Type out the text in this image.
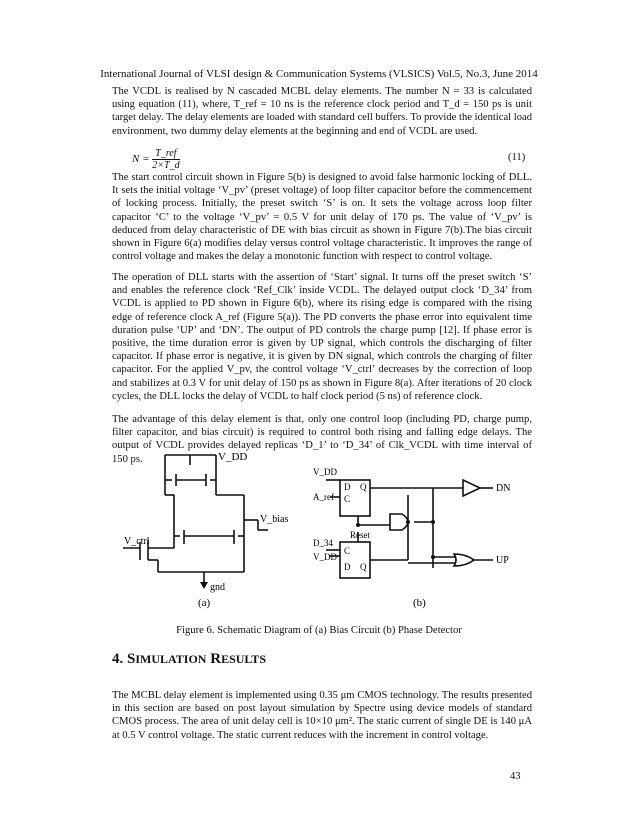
International Journal of VLSI design & Communication Systems (VLSICS) Vol.5, No.3, June 2014

The VCDL is realised by N cascaded MCBL delay elements. The number N = 33 is calculated using equation (11), where, T_ref = 10 ns is the reference clock period and T_d = 150 ps is unit target delay. The delay elements are loaded with standard cell buffers. To provide the identical load environment, two dummy delay elements at the beginning and end of VCDL are used.

$N = \frac{\text{T\_ref}}{2\times T\_d}$	(11)

The start control circuit shown in Figure 5(b) is designed to avoid false harmonic locking of DLL. It sets the initial voltage ‘V_pv’ (preset voltage) of loop filter capacitor before the commencement of locking process. Initially, the preset switch ‘S’ is on. It sets the voltage across loop filter capacitor ‘C’ to the voltage ‘V_pv’ = 0.5 V for unit delay of 170 ps. The value of ‘V_pv’ is deduced from delay characteristic of DE with bias circuit as shown in Figure 7(b).The bias circuit shown in Figure 6(a) modifies delay versus control voltage characteristic. It improves the range of control voltage and makes the delay a monotonic function with respect to control voltage.

The operation of DLL starts with the assertion of ‘Start’ signal. It turns off the preset switch ‘S’ and enables the reference clock ‘Ref_Clk’ inside VCDL. The delayed output clock ‘D_34’ from VCDL is applied to PD shown in Figure 6(b), where its rising edge is compared with the rising edge of reference clock A_ref (Figure 5(a)). The PD converts the phase error into equivalent time duration pulse ‘UP’ and ‘DN’. The output of PD controls the charge pump [12]. If phase error is positive, the time duration error is given by UP signal, which controls the discharging of filter capacitor. If phase error is negative, it is given by DN signal, which controls the charging of filter capacitor. For the applied V_pv, the control voltage ‘V_ctrl’ decreases by the correction of loop and stabilizes at 0.3 V for unit delay of 150 ps as shown in Figure 8(a). After iterations of 20 clock cycles, the DLL locks the delay of VCDL to half clock period (5 ns) of reference clock.

The advantage of this delay element is that, only one control loop (including PD, charge pump, filter capacitor, and bias circuit) is required to control both rising and falling edge delays. The output of VCDL provides delayed replicas ‘D_1’ to ‘D_34’ of Clk_VCDL with time interval of 150 ps.	V_DD
V_bias
V_ctrl
gnd
(a)
V_DD
A_ref
D
C
Q
Reset
D_34
V_DD
C
D Q
DN
UP
(b)
Figure 6. Schematic Diagram of (a) Bias Circuit (b) Phase Detector
4. SIMULATION RESULTS

The MCBL delay element is implemented using 0.35 μm CMOS technology. The results presented in this section are based on post layout simulation by Spectre using device models of standard CMOS process. The area of unit delay cell is 10×10 μm². The static current of single DE is 140 μA at 0.5 V control voltage. The static current reduces with the increment in control voltage.

43
